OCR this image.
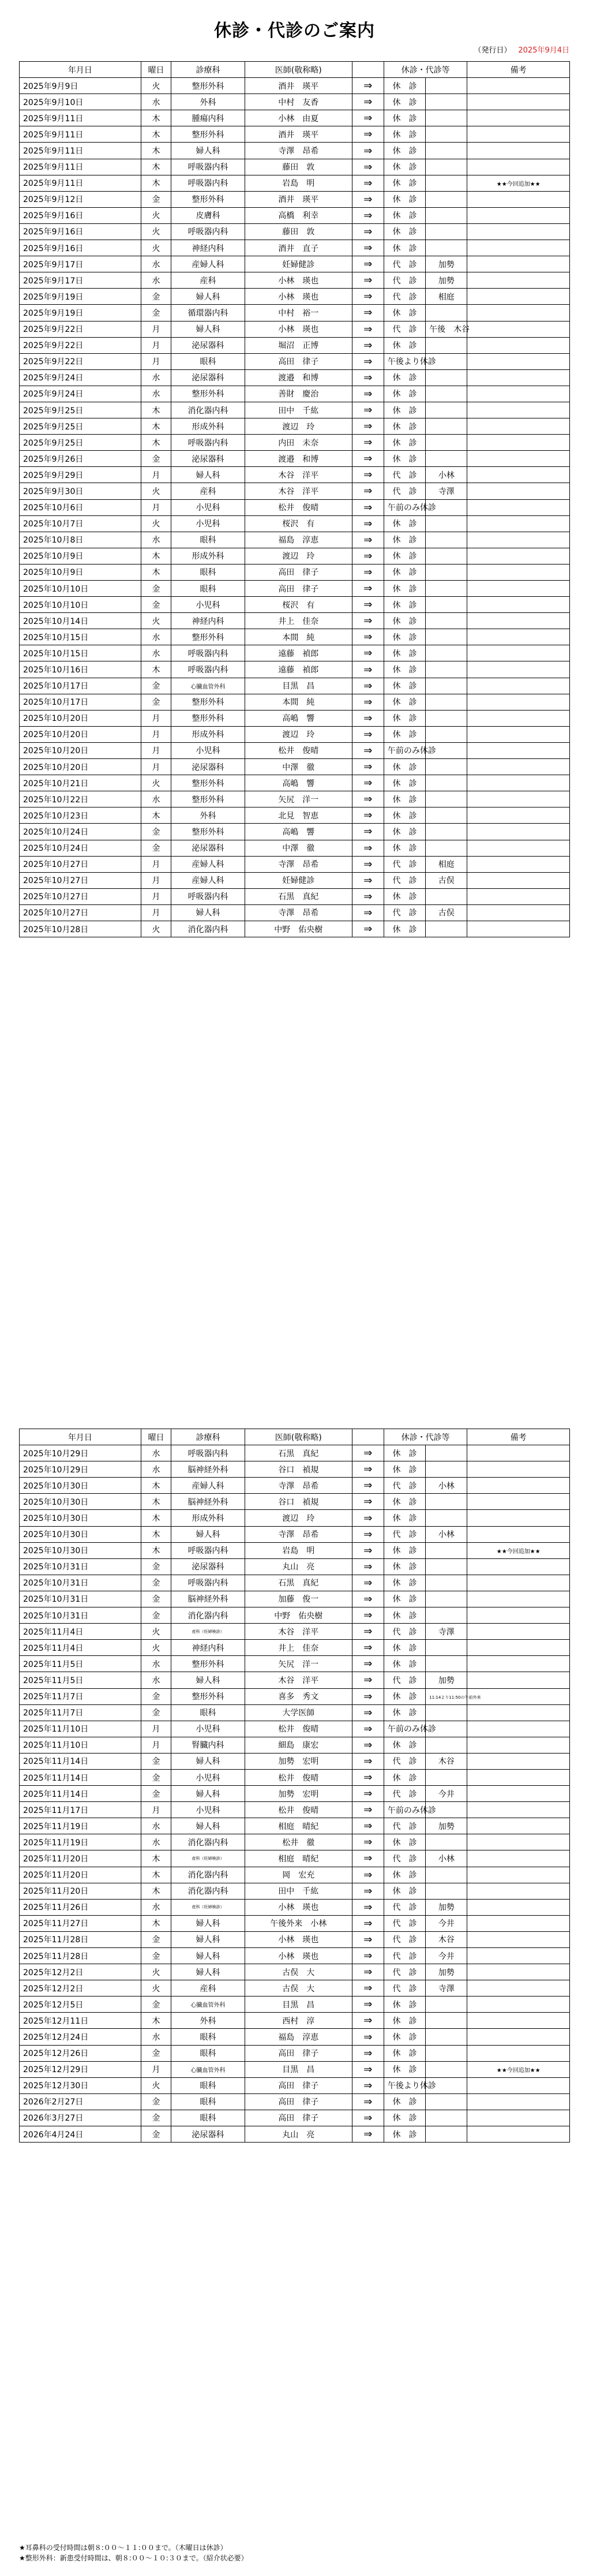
休診・代診のご案内
（発行日） 2025年9月4日
年月日	曜日	診療科	医師(敬称略)		休診・代診等		備考
2025年9月9日	火	整形外科	酒井　瑛平	⇒	休　診		
2025年9月10日	水	外科	中村　友香	⇒	休　診		
2025年9月11日	木	腫瘍内科	小林　由夏	⇒	休　診		
2025年9月11日	木	整形外科	酒井　瑛平	⇒	休　診		
2025年9月11日	木	婦人科	寺澤　昂希	⇒	休　診		
2025年9月11日	木	呼吸器内科	藤田　敦	⇒	休　診		
2025年9月11日	木	呼吸器内科	岩島　明	⇒	休　診		★★今回追加★★
2025年9月12日	金	整形外科	酒井　瑛平	⇒	休　診		
2025年9月16日	火	皮膚科	高橋　利幸	⇒	休　診		
2025年9月16日	火	呼吸器内科	藤田　敦	⇒	休　診		
2025年9月16日	火	神経内科	酒井　直子	⇒	休　診		
2025年9月17日	水	産婦人科	妊婦健診	⇒	代　診	加勢	
2025年9月17日	水	産科	小林　瑛也	⇒	代　診	加勢	
2025年9月19日	金	婦人科	小林　瑛也	⇒	代　診	相庭	
2025年9月19日	金	循環器内科	中村　裕一	⇒	休　診		
2025年9月22日	月	婦人科	小林　瑛也	⇒	代　診	午後　木谷	
2025年9月22日	月	泌尿器科	堀沼　正博	⇒	休　診		
2025年9月22日	月	眼科	高田　律子	⇒	午後より休診		
2025年9月24日	水	泌尿器科	渡邉　和博	⇒	休　診		
2025年9月24日	水	整形外科	善財　慶治	⇒	休　診		
2025年9月25日	木	消化器内科	田中　千紘	⇒	休　診		
2025年9月25日	木	形成外科	渡辺　玲	⇒	休　診		
2025年9月25日	木	呼吸器内科	内田　未奈	⇒	休　診		
2025年9月26日	金	泌尿器科	渡邉　和博	⇒	休　診		
2025年9月29日	月	婦人科	木谷　洋平	⇒	代　診	小林	
2025年9月30日	火	産科	木谷　洋平	⇒	代　診	寺澤	
2025年10月6日	月	小児科	松井　俊晴	⇒	午前のみ休診		
2025年10月7日	火	小児科	桜沢　有	⇒	休　診		
2025年10月8日	水	眼科	福島　淳恵	⇒	休　診		
2025年10月9日	木	形成外科	渡辺　玲	⇒	休　診		
2025年10月9日	木	眼科	高田　律子	⇒	休　診		
2025年10月10日	金	眼科	高田　律子	⇒	休　診		
2025年10月10日	金	小児科	桜沢　有	⇒	休　診		
2025年10月14日	火	神経内科	井上　佳奈	⇒	休　診		
2025年10月15日	水	整形外科	本間　純	⇒	休　診		
2025年10月15日	水	呼吸器内科	遠藤　禎郎	⇒	休　診		
2025年10月16日	木	呼吸器内科	遠藤　禎郎	⇒	休　診		
2025年10月17日	金	心臓血管外科	目黒　昌	⇒	休　診		
2025年10月17日	金	整形外科	本間　純	⇒	休　診		
2025年10月20日	月	整形外科	高嶋　響	⇒	休　診		
2025年10月20日	月	形成外科	渡辺　玲	⇒	休　診		
2025年10月20日	月	小児科	松井　俊晴	⇒	午前のみ休診		
2025年10月20日	月	泌尿器科	中澤　徹	⇒	休　診		
2025年10月21日	火	整形外科	高嶋　響	⇒	休　診		
2025年10月22日	水	整形外科	矢尻　洋一	⇒	休　診		
2025年10月23日	木	外科	北見　智恵	⇒	休　診		
2025年10月24日	金	整形外科	高嶋　響	⇒	休　診		
2025年10月24日	金	泌尿器科	中澤　徹	⇒	休　診		
2025年10月27日	月	産婦人科	寺澤　昂希	⇒	代　診	相庭	
2025年10月27日	月	産婦人科	妊婦健診	⇒	代　診	古俣	
2025年10月27日	月	呼吸器内科	石黒　真紀	⇒	休　診		
2025年10月27日	月	婦人科	寺澤　昂希	⇒	代　診	古俣	
2025年10月28日	火	消化器内科	中野　佑央樹	⇒	休　診		
年月日	曜日	診療科	医師(敬称略)		休診・代診等		備考
2025年10月29日	水	呼吸器内科	石黒　真紀	⇒	休　診		
2025年10月29日	水	脳神経外科	谷口　禎規	⇒	休　診		
2025年10月30日	木	産婦人科	寺澤　昂希	⇒	代　診	小林	
2025年10月30日	木	脳神経外科	谷口　禎規	⇒	休　診		
2025年10月30日	木	形成外科	渡辺　玲	⇒	休　診		
2025年10月30日	木	婦人科	寺澤　昂希	⇒	代　診	小林	
2025年10月30日	木	呼吸器内科	岩島　明	⇒	休　診		★★今回追加★★
2025年10月31日	金	泌尿器科	丸山　亮	⇒	休　診		
2025年10月31日	金	呼吸器内科	石黒　真紀	⇒	休　診		
2025年10月31日	金	脳神経外科	加藤　俊一	⇒	休　診		
2025年10月31日	金	消化器内科	中野　佑央樹	⇒	休　診		
2025年11月4日	火	産科（妊婦検診）	木谷　洋平	⇒	代　診	寺澤	
2025年11月4日	火	神経内科	井上　佳奈	⇒	休　診		
2025年11月5日	水	整形外科	矢尻　洋一	⇒	休　診		
2025年11月5日	水	婦人科	木谷　洋平	⇒	代　診	加勢	
2025年11月7日	金	整形外科	喜多　秀文	⇒	休　診	11:14より11:50の午前外来	
2025年11月7日	金	眼科	大学医師	⇒	休　診		
2025年11月10日	月	小児科	松井　俊晴	⇒	午前のみ休診		
2025年11月10日	月	腎臓内科	細島　康宏	⇒	休　診		
2025年11月14日	金	婦人科	加勢　宏明	⇒	代　診	木谷	
2025年11月14日	金	小児科	松井　俊晴	⇒	休　診		
2025年11月14日	金	婦人科	加勢　宏明	⇒	代　診	今井	
2025年11月17日	月	小児科	松井　俊晴	⇒	午前のみ休診		
2025年11月19日	水	婦人科	相庭　晴紀	⇒	代　診	加勢	
2025年11月19日	水	消化器内科	松井　徹	⇒	休　診		
2025年11月20日	木	産科（妊婦検診）	相庭　晴紀	⇒	代　診	小林	
2025年11月20日	木	消化器内科	岡　宏充	⇒	休　診		
2025年11月20日	木	消化器内科	田中　千紘	⇒	休　診		
2025年11月26日	水	産科（妊婦検診）	小林　瑛也	⇒	代　診	加勢	
2025年11月27日	木	婦人科	午後外来　小林	⇒	代　診	今井	
2025年11月28日	金	婦人科	小林　瑛也	⇒	代　診	木谷	
2025年11月28日	金	婦人科	小林　瑛也	⇒	代　診	今井	
2025年12月2日	火	婦人科	古俣　大	⇒	代　診	加勢	
2025年12月2日	火	産科	古俣　大	⇒	代　診	寺澤	
2025年12月5日	金	心臓血管外科	目黒　昌	⇒	休　診		
2025年12月11日	木	外科	西村　淳	⇒	休　診		
2025年12月24日	水	眼科	福島　淳恵	⇒	休　診		
2025年12月26日	金	眼科	高田　律子	⇒	休　診		
2025年12月29日	月	心臓血管外科	目黒　昌	⇒	休　診		★★今回追加★★
2025年12月30日	火	眼科	高田　律子	⇒	午後より休診		
2026年2月27日	金	眼科	高田　律子	⇒	休　診		
2026年3月27日	金	眼科	高田　律子	⇒	休　診		
2026年4月24日	金	泌尿器科	丸山　亮	⇒	休　診		
★耳鼻科の受付時間は朝８:００〜１１:００まで。（木曜日は休診）
★整形外科：新患受付時間は、朝８:００〜１０:３０まで。（紹介状必要）
